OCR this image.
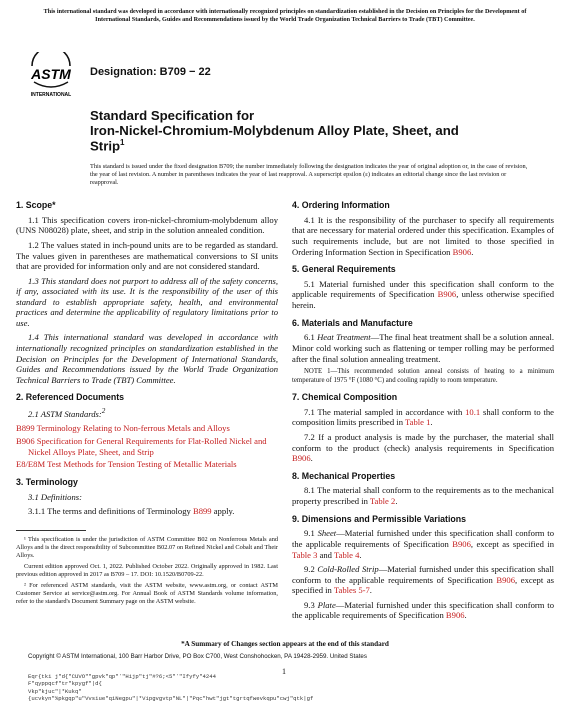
This international standard was developed in accordance with internationally recognized principles on standardization established in the Decision on Principles for the Development of International Standards, Guides and Recommendations issued by the World Trade Organization Technical Barriers to Trade (TBT) Committee.
ASTM
INTERNATIONAL
Designation: B709 − 22
Standard Specification for
Iron-Nickel-Chromium-Molybdenum Alloy Plate, Sheet, and
Strip$^1$
This standard is issued under the fixed designation B709; the number immediately following the designation indicates the year of original adoption or, in the case of revision, the year of last revision. A number in parentheses indicates the year of last reapproval. A superscript epsilon (ε) indicates an editorial change since the last revision or reapproval.
1. Scope*

1.1 This specification covers iron-nickel-chromium-molybdenum alloy (UNS N08028) plate, sheet, and strip in the solution annealed condition.

1.2 The values stated in inch-pound units are to be regarded as standard. The values given in parentheses are mathematical conversions to SI units that are provided for information only and are not considered standard.

1.3 This standard does not purport to address all of the safety concerns, if any, associated with its use. It is the responsibility of the user of this standard to establish appropriate safety, health, and environmental practices and determine the applicability of regulatory limitations prior to use.

1.4 This international standard was developed in accordance with internationally recognized principles on standardization established in the Decision on Principles for the Development of International Standards, Guides and Recommendations issued by the World Trade Organization Technical Barriers to Trade (TBT) Committee.

2. Referenced Documents

2.1 ASTM Standards:$^2$

B899 Terminology Relating to Non-ferrous Metals and Alloys

B906 Specification for General Requirements for Flat-Rolled Nickel and Nickel Alloys Plate, Sheet, and Strip

E8/E8M Test Methods for Tension Testing of Metallic Materials

3. Terminology

3.1 Definitions:

3.1.1 The terms and definitions of Terminology B899 apply.

¹ This specification is under the jurisdiction of ASTM Committee B02 on Nonferrous Metals and Alloys and is the direct responsibility of Subcommittee B02.07 on Refined Nickel and Cobalt and Their Alloys.

Current edition approved Oct. 1, 2022. Published October 2022. Originally approved in 1982. Last previous edition approved in 2017 as B709 – 17. DOI: 10.1520/B0709-22.

² For referenced ASTM standards, visit the ASTM website, www.astm.org, or contact ASTM Customer Service at service@astm.org. For Annual Book of ASTM Standards volume information, refer to the standard's Document Summary page on the ASTM website.

4. Ordering Information

4.1 It is the responsibility of the purchaser to specify all requirements that are necessary for material ordered under this specification. Examples of such requirements include, but are not limited to those specified in Ordering Information Section in Specification B906.

5. General Requirements

5.1 Material furnished under this specification shall conform to the applicable requirements of Specification B906, unless otherwise specified herein.

6. Materials and Manufacture

6.1 Heat Treatment—The final heat treatment shall be a solution anneal. Minor cold working such as flattening or temper rolling may be performed after the final solution annealing treatment.

NOTE 1—This recommended solution anneal consists of heating to a minimum temperature of 1975 °F (1080 °C) and cooling rapidly to room temperature.
7. Chemical Composition

7.1 The material sampled in accordance with 10.1 shall conform to the composition limits prescribed in Table 1.

7.2 If a product analysis is made by the purchaser, the material shall conform to the product (check) analysis requirements in Specification B906.

8. Mechanical Properties

8.1 The material shall conform to the requirements as to the mechanical property prescribed in Table 2.

9. Dimensions and Permissible Variations

9.1 Sheet—Material furnished under this specification shall conform to the applicable requirements of Specification B906, except as specified in Table 3 and Table 4.

9.2 Cold-Rolled Strip—Material furnished under this specification shall conform to the applicable requirements of Specification B906, except as specified in Tables 5-7.

9.3 Plate—Material furnished under this specification shall conform to the applicable requirements of Specification B906.

*A Summary of Changes section appears at the end of this standard
Copyright © ASTM International, 100 Barr Harbor Drive, PO Box C700, West Conshohocken, PA 19428-2959. United States
1
Eqr{tki j"d{"CUVO""gpvk"qp"ʼ"Hijp"tj"#?6;<5"ʼ"Ifyfy"4244
F"qyppqcf"tr"kpygf"|d{
Vkp"kjuc"|*Kukq"{ucvkyn"%pkgqp"u"Vvsiue"qiNegpu"|*Vipgvgvtp"NL"|"Pqc"hwt"jgt"tgrtqfwevkqpu"cwj"qtk|gf
